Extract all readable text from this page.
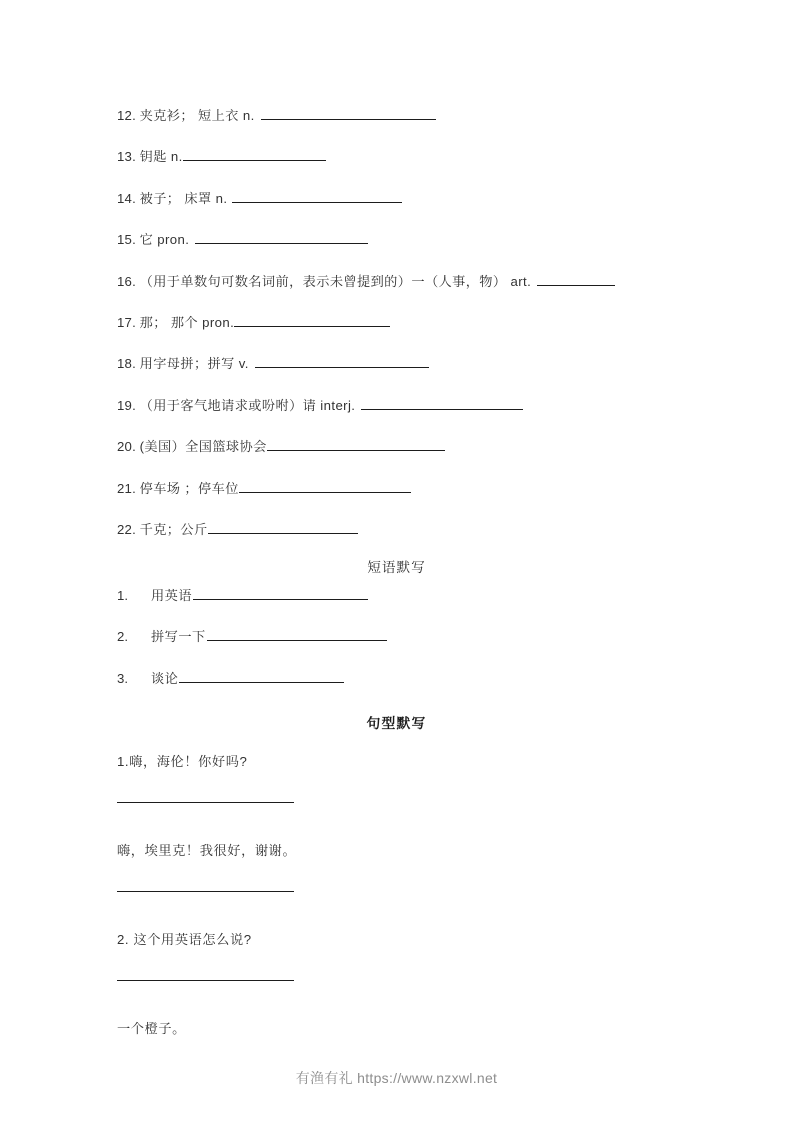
12. 夹克衫； 短上衣 n.
13. 钥匙 n.
14. 被子； 床罩 n.
15. 它 pron.
16. （用于单数句可数名词前，表示未曾提到的）一（人事，物） art.
17. 那； 那个 pron.
18. 用字母拼；拼写 v.
19. （用于客气地请求或吩咐）请 interj.
20. (美国）全国篮球协会
21. 停车场 ；停车位
22. 千克；公斤
短语默写
1. 用英语
2. 拼写一下
3. 谈论
句型默写
1.嗨，海伦！你好吗?
嗨，埃里克！我很好，谢谢。
2. 这个用英语怎么说?
一个橙子。
有渔有礼 https://www.nzxwl.net
